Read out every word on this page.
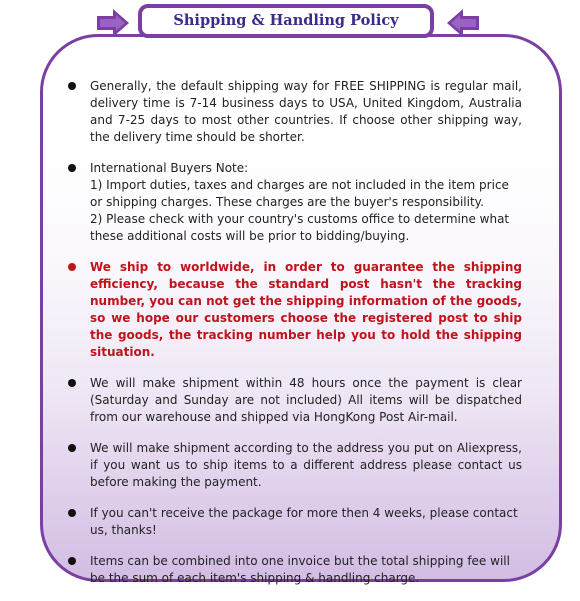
Shipping & Handling Policy
Generally, the default shipping way for FREE SHIPPING is regular mail, delivery time is 7-14 business days to USA, United Kingdom, Australia and 7-25 days to most other countries. If choose other shipping way, the delivery time should be shorter.
International Buyers Note:
1) Import duties, taxes and charges are not included in the item price or shipping charges. These charges are the buyer's responsibility.
2) Please check with your country's customs office to determine what these additional costs will be prior to bidding/buying.
We ship to worldwide, in order to guarantee the shipping efficiency, because the standard post hasn't the tracking number, you can not get the shipping information of the goods, so we hope our customers choose the registered post to ship the goods, the tracking number help you to hold the shipping situation.
We will make shipment within 48 hours once the payment is clear (Saturday and Sunday are not included) All items will be dispatched from our warehouse and shipped via HongKong Post Air-mail.
We will make shipment according to the address you put on Aliexpress, if you want us to ship items to a different address please contact us before making the payment.
If you can't receive the package for more then 4 weeks, please contact us, thanks!
Items can be combined into one invoice but the total shipping fee will be the sum of each item's shipping & handling charge.
